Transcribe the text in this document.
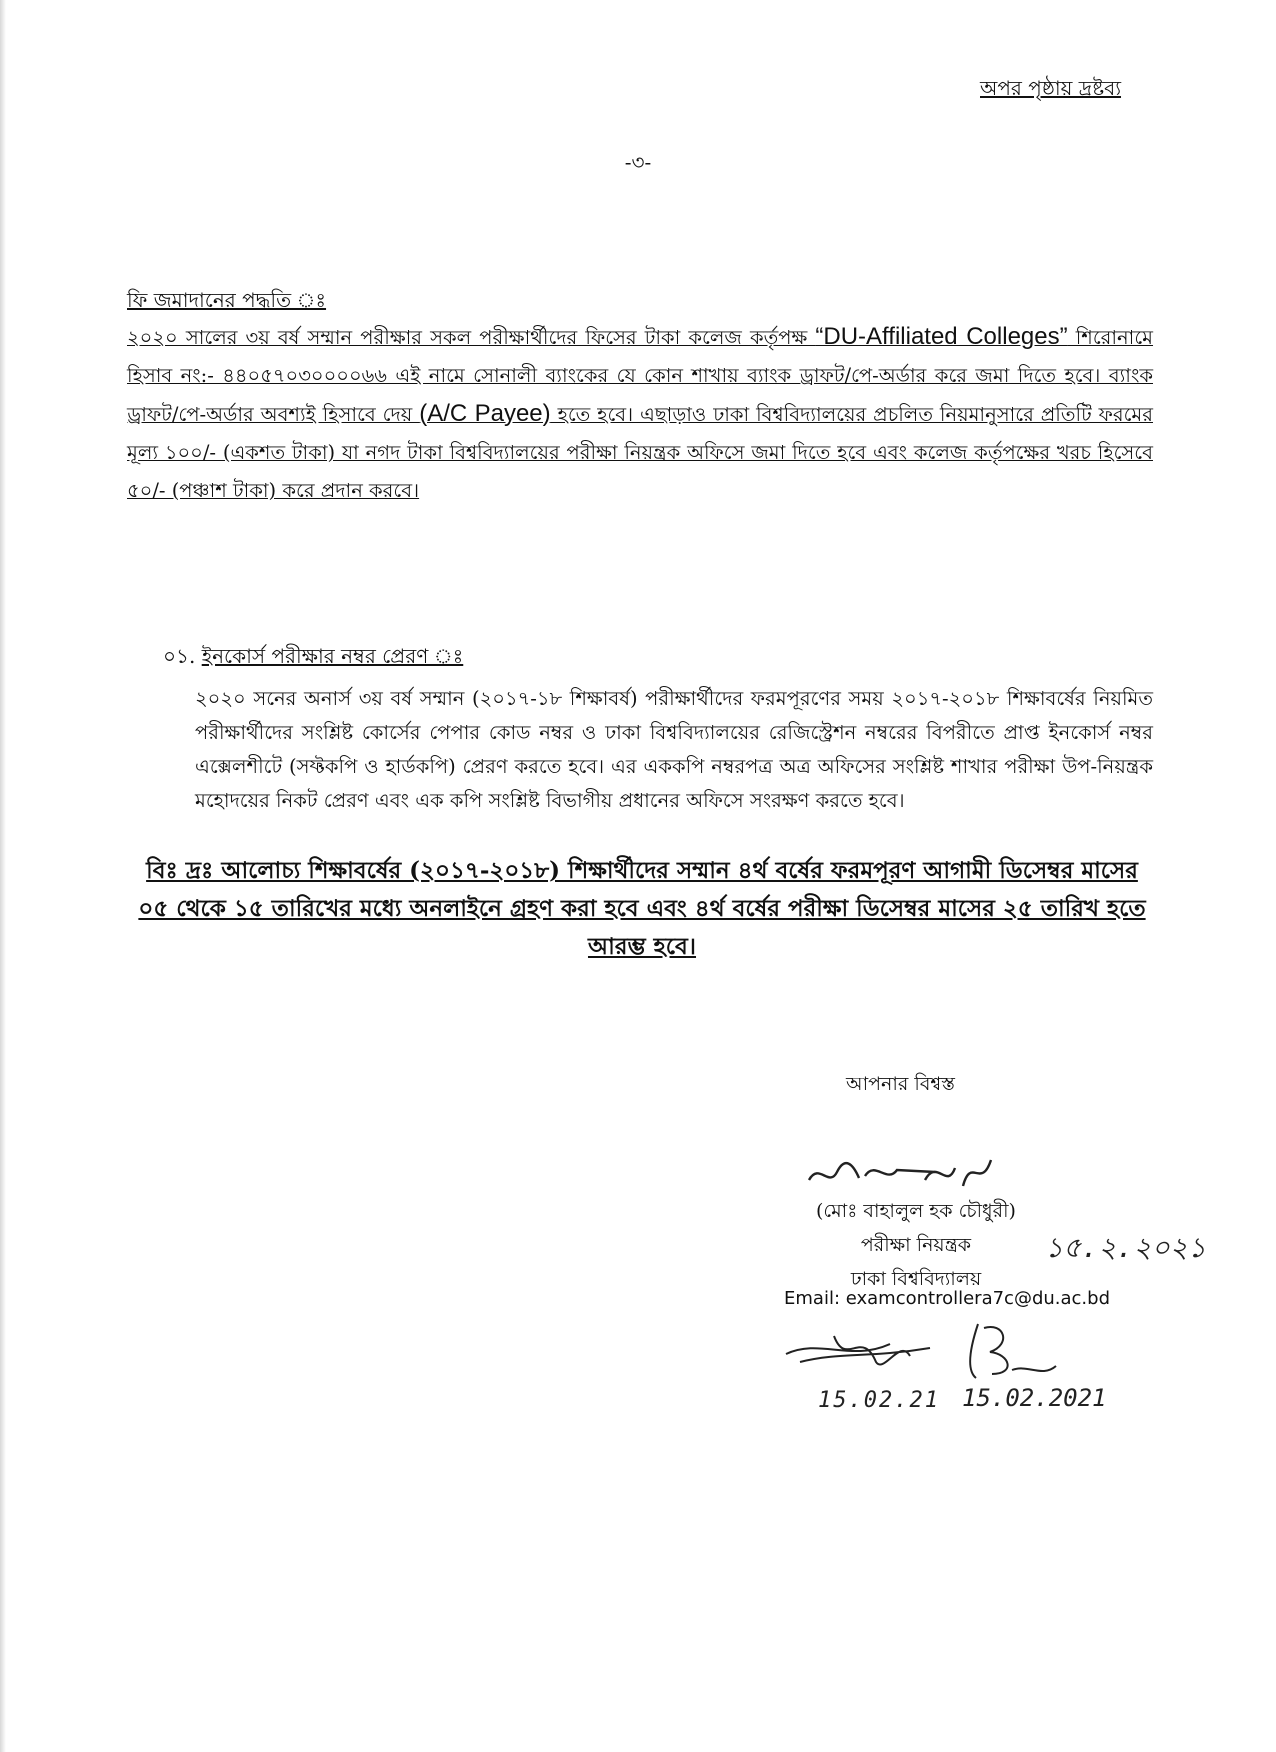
অপর পৃষ্ঠায় দ্রষ্টব্য
-৩-
ফি জমাদানের পদ্ধতি ঃ
২০২০ সালের ৩য় বর্ষ সম্মান পরীক্ষার সকল পরীক্ষার্থীদের ফিসের টাকা কলেজ কর্তৃপক্ষ “DU-Affiliated Colleges” শিরোনামে হিসাব নং:- ৪৪০৫৭০৩০০০০৬৬ এই নামে সোনালী ব্যাংকের যে কোন শাখায় ব্যাংক ড্রাফট/পে-অর্ডার করে জমা দিতে হবে। ব্যাংক ড্রাফট/পে-অর্ডার অবশ্যই হিসাবে দেয় (A/C Payee) হতে হবে। এছাড়াও ঢাকা বিশ্ববিদ্যালয়ের প্রচলিত নিয়মানুসারে প্রতিটি ফরমের মূল্য ১০০/- (একশত টাকা) যা নগদ টাকা বিশ্ববিদ্যালয়ের পরীক্ষা নিয়ন্ত্রক অফিসে জমা দিতে হবে এবং কলেজ কর্তৃপক্ষের খরচ হিসেবে ৫০/- (পঞ্চাশ টাকা) করে প্রদান করবে।
০১. ইনকোর্স পরীক্ষার নম্বর প্রেরণ ঃ
২০২০ সনের অনার্স ৩য় বর্ষ সম্মান (২০১৭-১৮ শিক্ষাবর্ষ) পরীক্ষার্থীদের ফরমপূরণের সময় ২০১৭-২০১৮ শিক্ষাবর্ষের নিয়মিত পরীক্ষার্থীদের সংশ্লিষ্ট কোর্সের পেপার কোড নম্বর ও ঢাকা বিশ্ববিদ্যালয়ের রেজিস্ট্রেশন নম্বরের বিপরীতে প্রাপ্ত ইনকোর্স নম্বর এক্সেলশীটে (সফ্টকপি ও হার্ডকপি) প্রেরণ করতে হবে। এর এককপি নম্বরপত্র অত্র অফিসের সংশ্লিষ্ট শাখার পরীক্ষা উপ-নিয়ন্ত্রক মহোদয়ের নিকট প্রেরণ এবং এক কপি সংশ্লিষ্ট বিভাগীয় প্রধানের অফিসে সংরক্ষণ করতে হবে।
বিঃ দ্রঃ আলোচ্য শিক্ষাবর্ষের (২০১৭-২০১৮) শিক্ষার্থীদের সম্মান ৪র্থ বর্ষের ফরমপূরণ আগামী ডিসেম্বর মাসের ০৫ থেকে ১৫ তারিখের মধ্যে অনলাইনে গ্রহণ করা হবে এবং ৪র্থ বর্ষের পরীক্ষা ডিসেম্বর মাসের ২৫ তারিখ হতে আরম্ভ হবে।
আপনার বিশ্বস্ত
(মোঃ বাহালুল হক চৌধুরী)
পরীক্ষা নিয়ন্ত্রক
ঢাকা বিশ্ববিদ্যালয়
১৫.২.২০২১
Email: examcontrollera7c@du.ac.bd
15.02.21 15.02.2021
